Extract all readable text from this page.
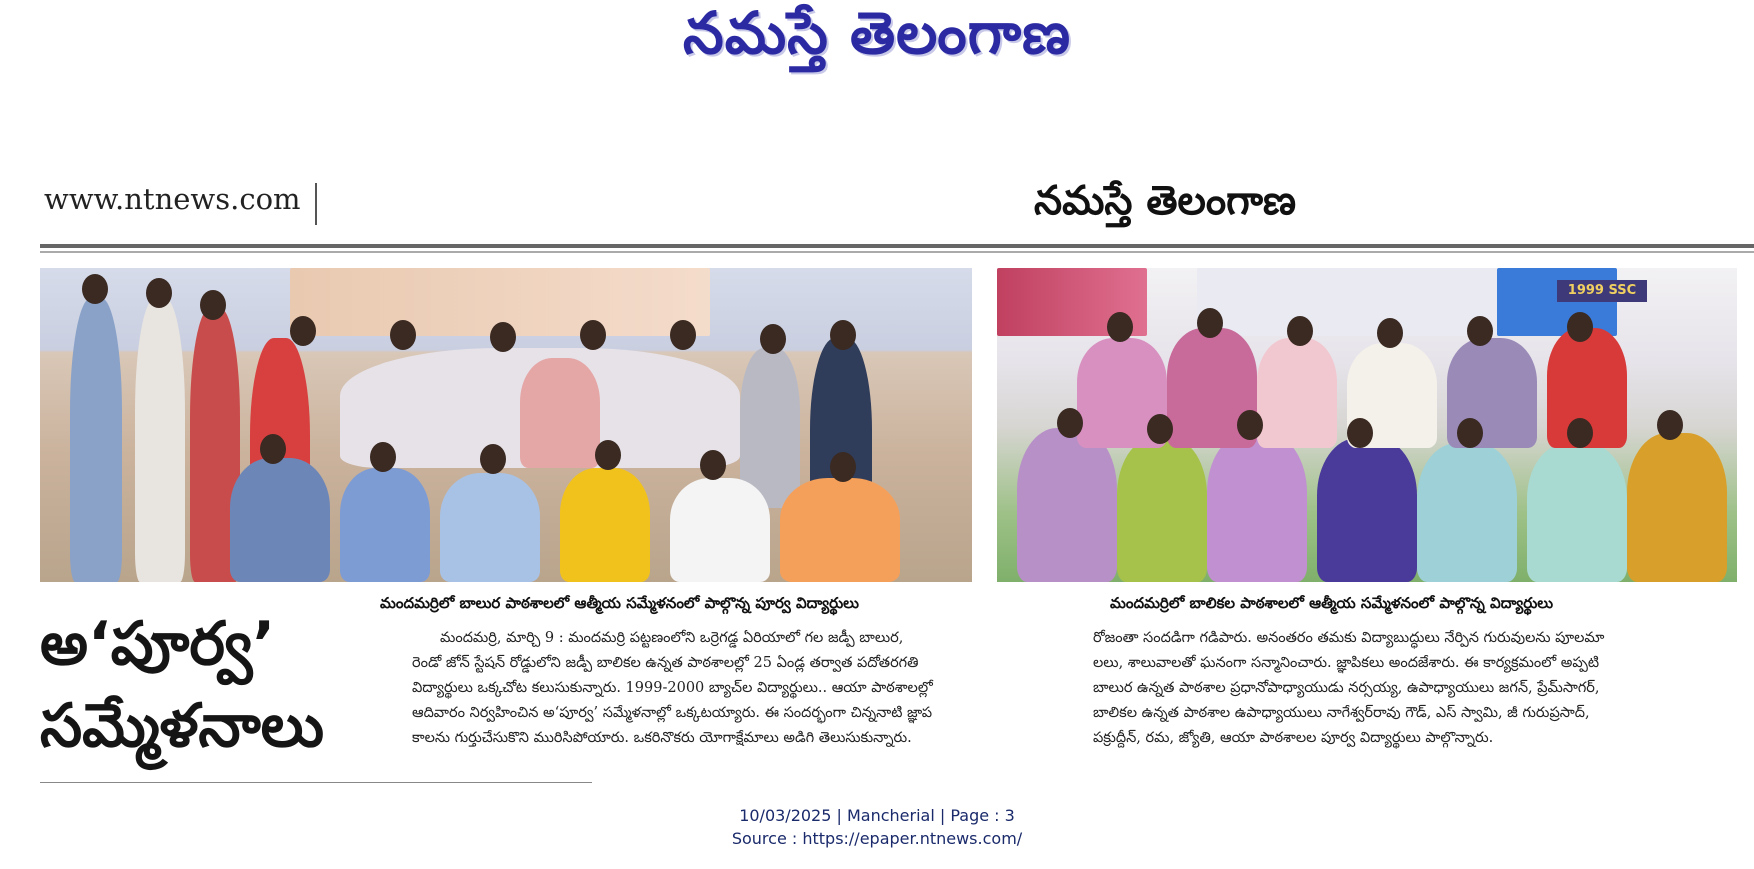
నమస్తే తెలంగాణ
www.ntnews.com	నమస్తే తెలంగాణ
1999 SSC
మందమర్రిలో బాలుర పాఠశాలలో ఆత్మీయ సమ్మేళనంలో పాల్గొన్న పూర్వ విద్యార్థులు	మందమర్రిలో బాలికల పాఠశాలలో ఆత్మీయ సమ్మేళనంలో పాల్గొన్న విద్యార్థులు
అ‘పూర్వ’
సమ్మేళనాలు
మందమర్రి, మార్చి 9 : మందమర్రి పట్టణంలోని ఒర్రెగడ్డ ఏరియాలో గల జడ్పీ బాలుర,
రెండో జోన్ స్టేషన్ రోడ్డులోని జడ్పీ బాలికల ఉన్నత పాఠశాలల్లో 25 ఏండ్ల తర్వాత పదోతరగతి
విద్యార్థులు ఒక్కచోట కలుసుకున్నారు. 1999-2000 బ్యాచ్‌ల విద్యార్థులు.. ఆయా పాఠశాలల్లో
ఆదివారం నిర్వహించిన అ‘పూర్వ’ సమ్మేళనాల్లో ఒక్కటయ్యారు. ఈ సందర్భంగా చిన్ననాటి జ్ఞాప
కాలను గుర్తుచేసుకొని మురిసిపోయారు. ఒకరినొకరు యోగాక్షేమాలు అడిగి తెలుసుకున్నారు.
రోజంతా సందడిగా గడిపారు. అనంతరం తమకు విద్యాబుద్ధులు నేర్పిన గురువులను పూలమా
లలు, శాలువాలతో ఘనంగా సన్మానించారు. జ్ఞాపికలు అందజేశారు. ఈ కార్యక్రమంలో అప్పటి
బాలుర ఉన్నత పాఠశాల ప్రధానోపాధ్యాయుడు నర్సయ్య, ఉపాధ్యాయులు జగన్, ప్రేమ్‌సాగర్,
బాలికల ఉన్నత పాఠశాల ఉపాధ్యాయులు నాగేశ్వర్‌రావు గౌడ్, ఎస్ స్వామి, జీ గురుప్రసాద్,
పక్రుద్దీన్, రమ, జ్యోతి, ఆయా పాఠశాలల పూర్వ విద్యార్థులు పాల్గొన్నారు.
10/03/2025 | Mancherial | Page : 3
Source : https://epaper.ntnews.com/
